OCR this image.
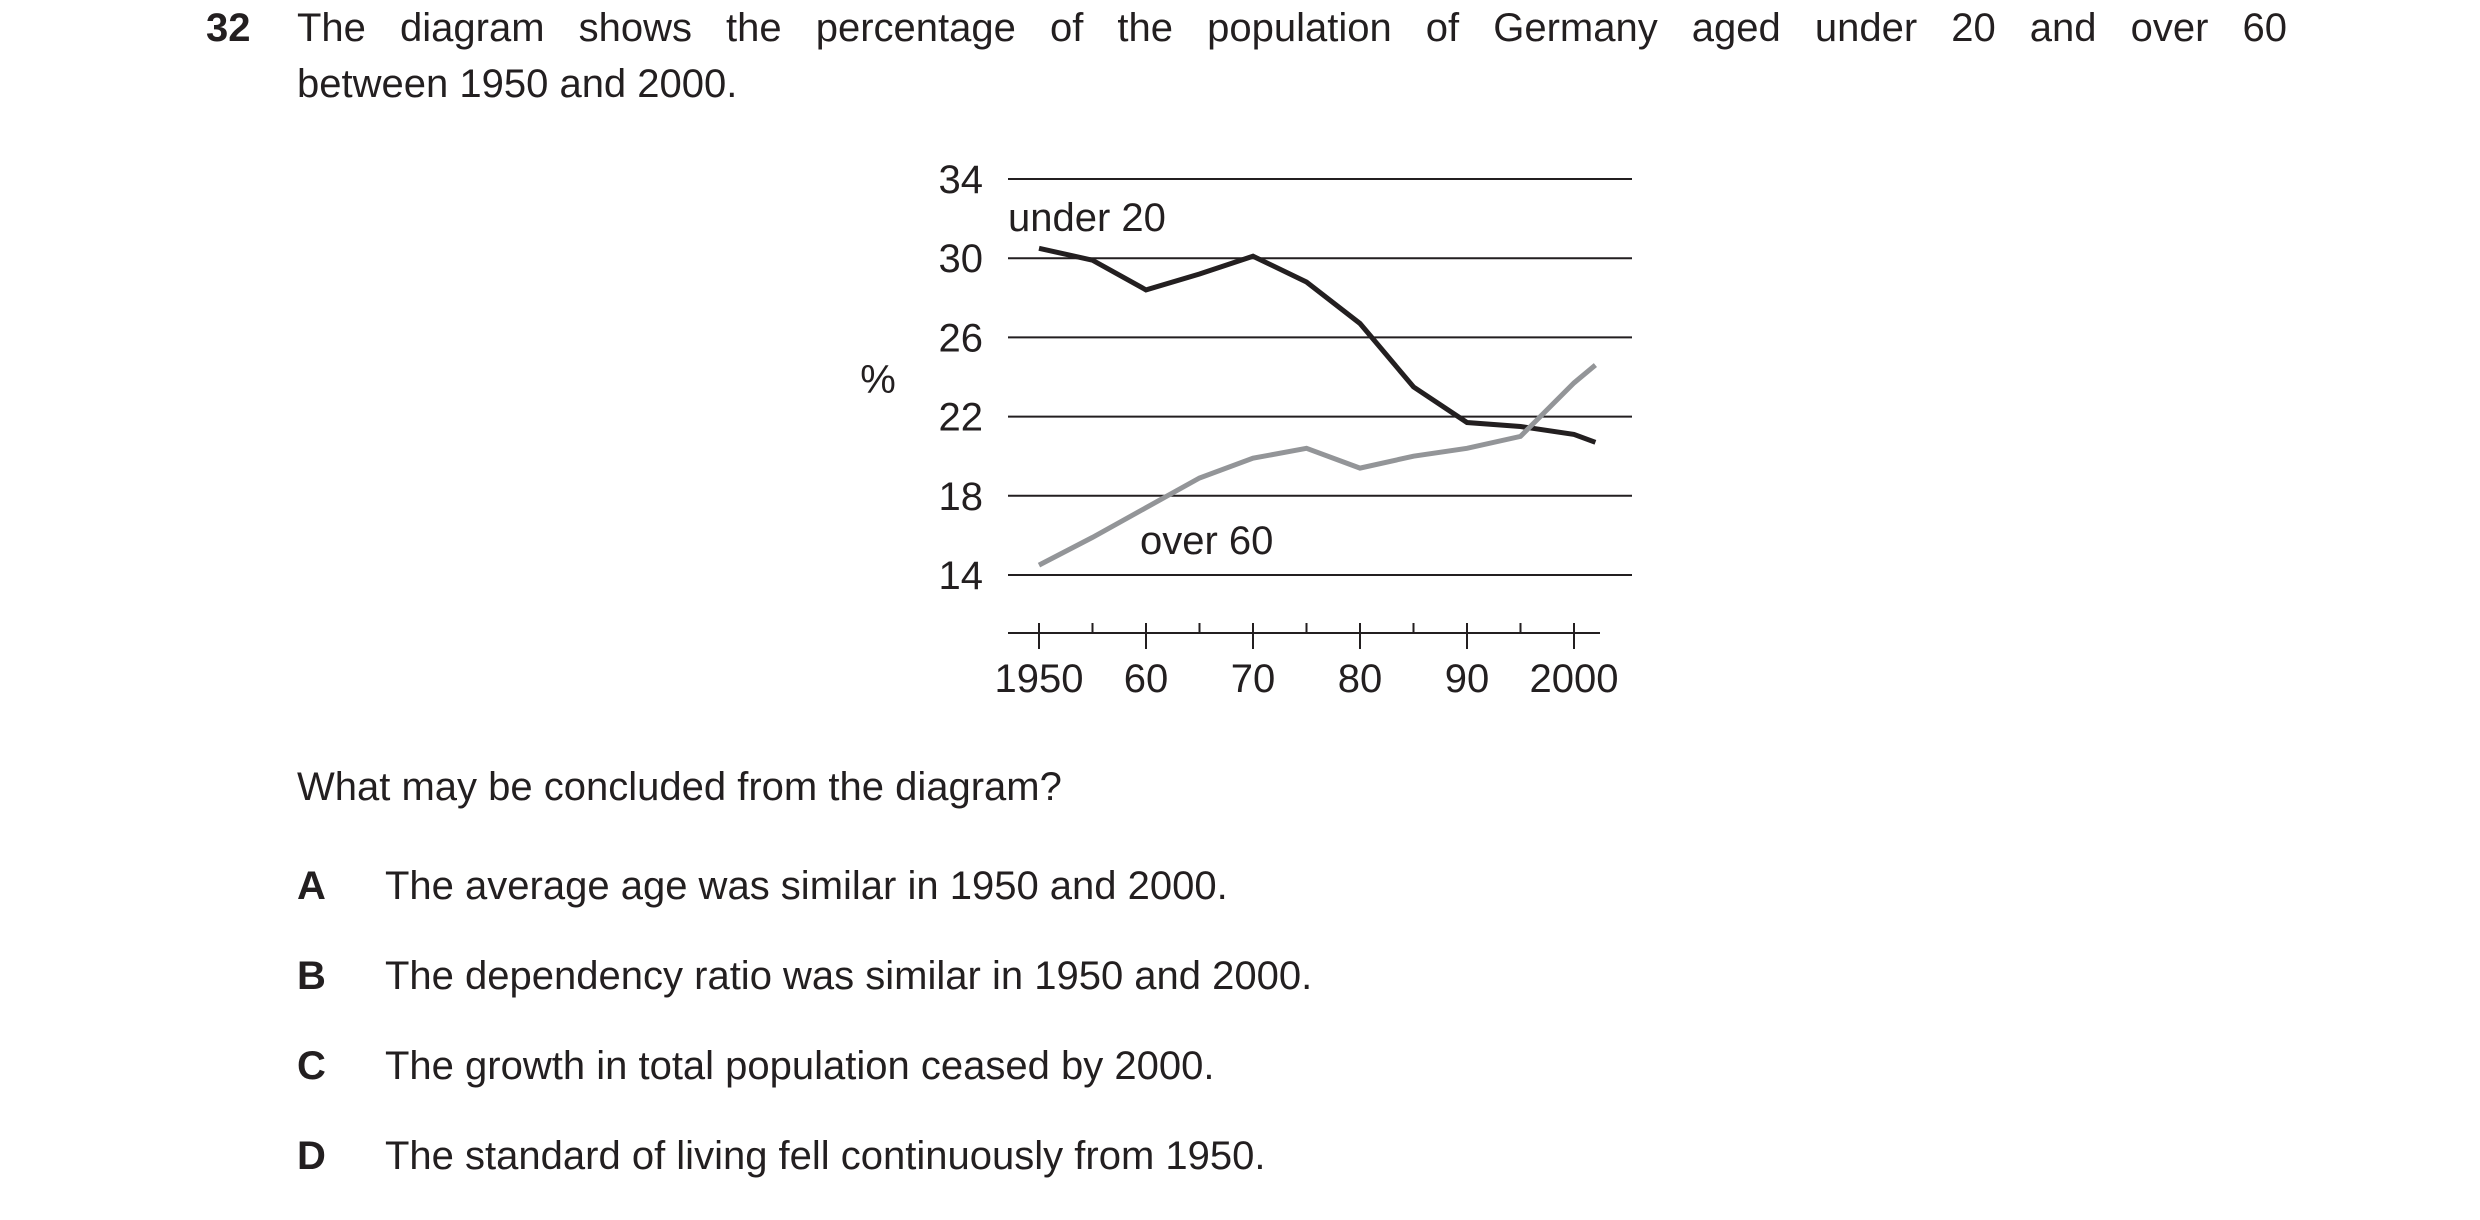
32 The diagram shows the percentage of the population of Germany aged under 20 and over 60
between 1950 and 2000.
34
30
26
22
18
14
%
1950 60 70 80 90 2000
under 20
over 60
What may be concluded from the diagram?
A The average age was similar in 1950 and 2000.
B The dependency ratio was similar in 1950 and 2000.
C The growth in total population ceased by 2000.
D The standard of living fell continuously from 1950.
